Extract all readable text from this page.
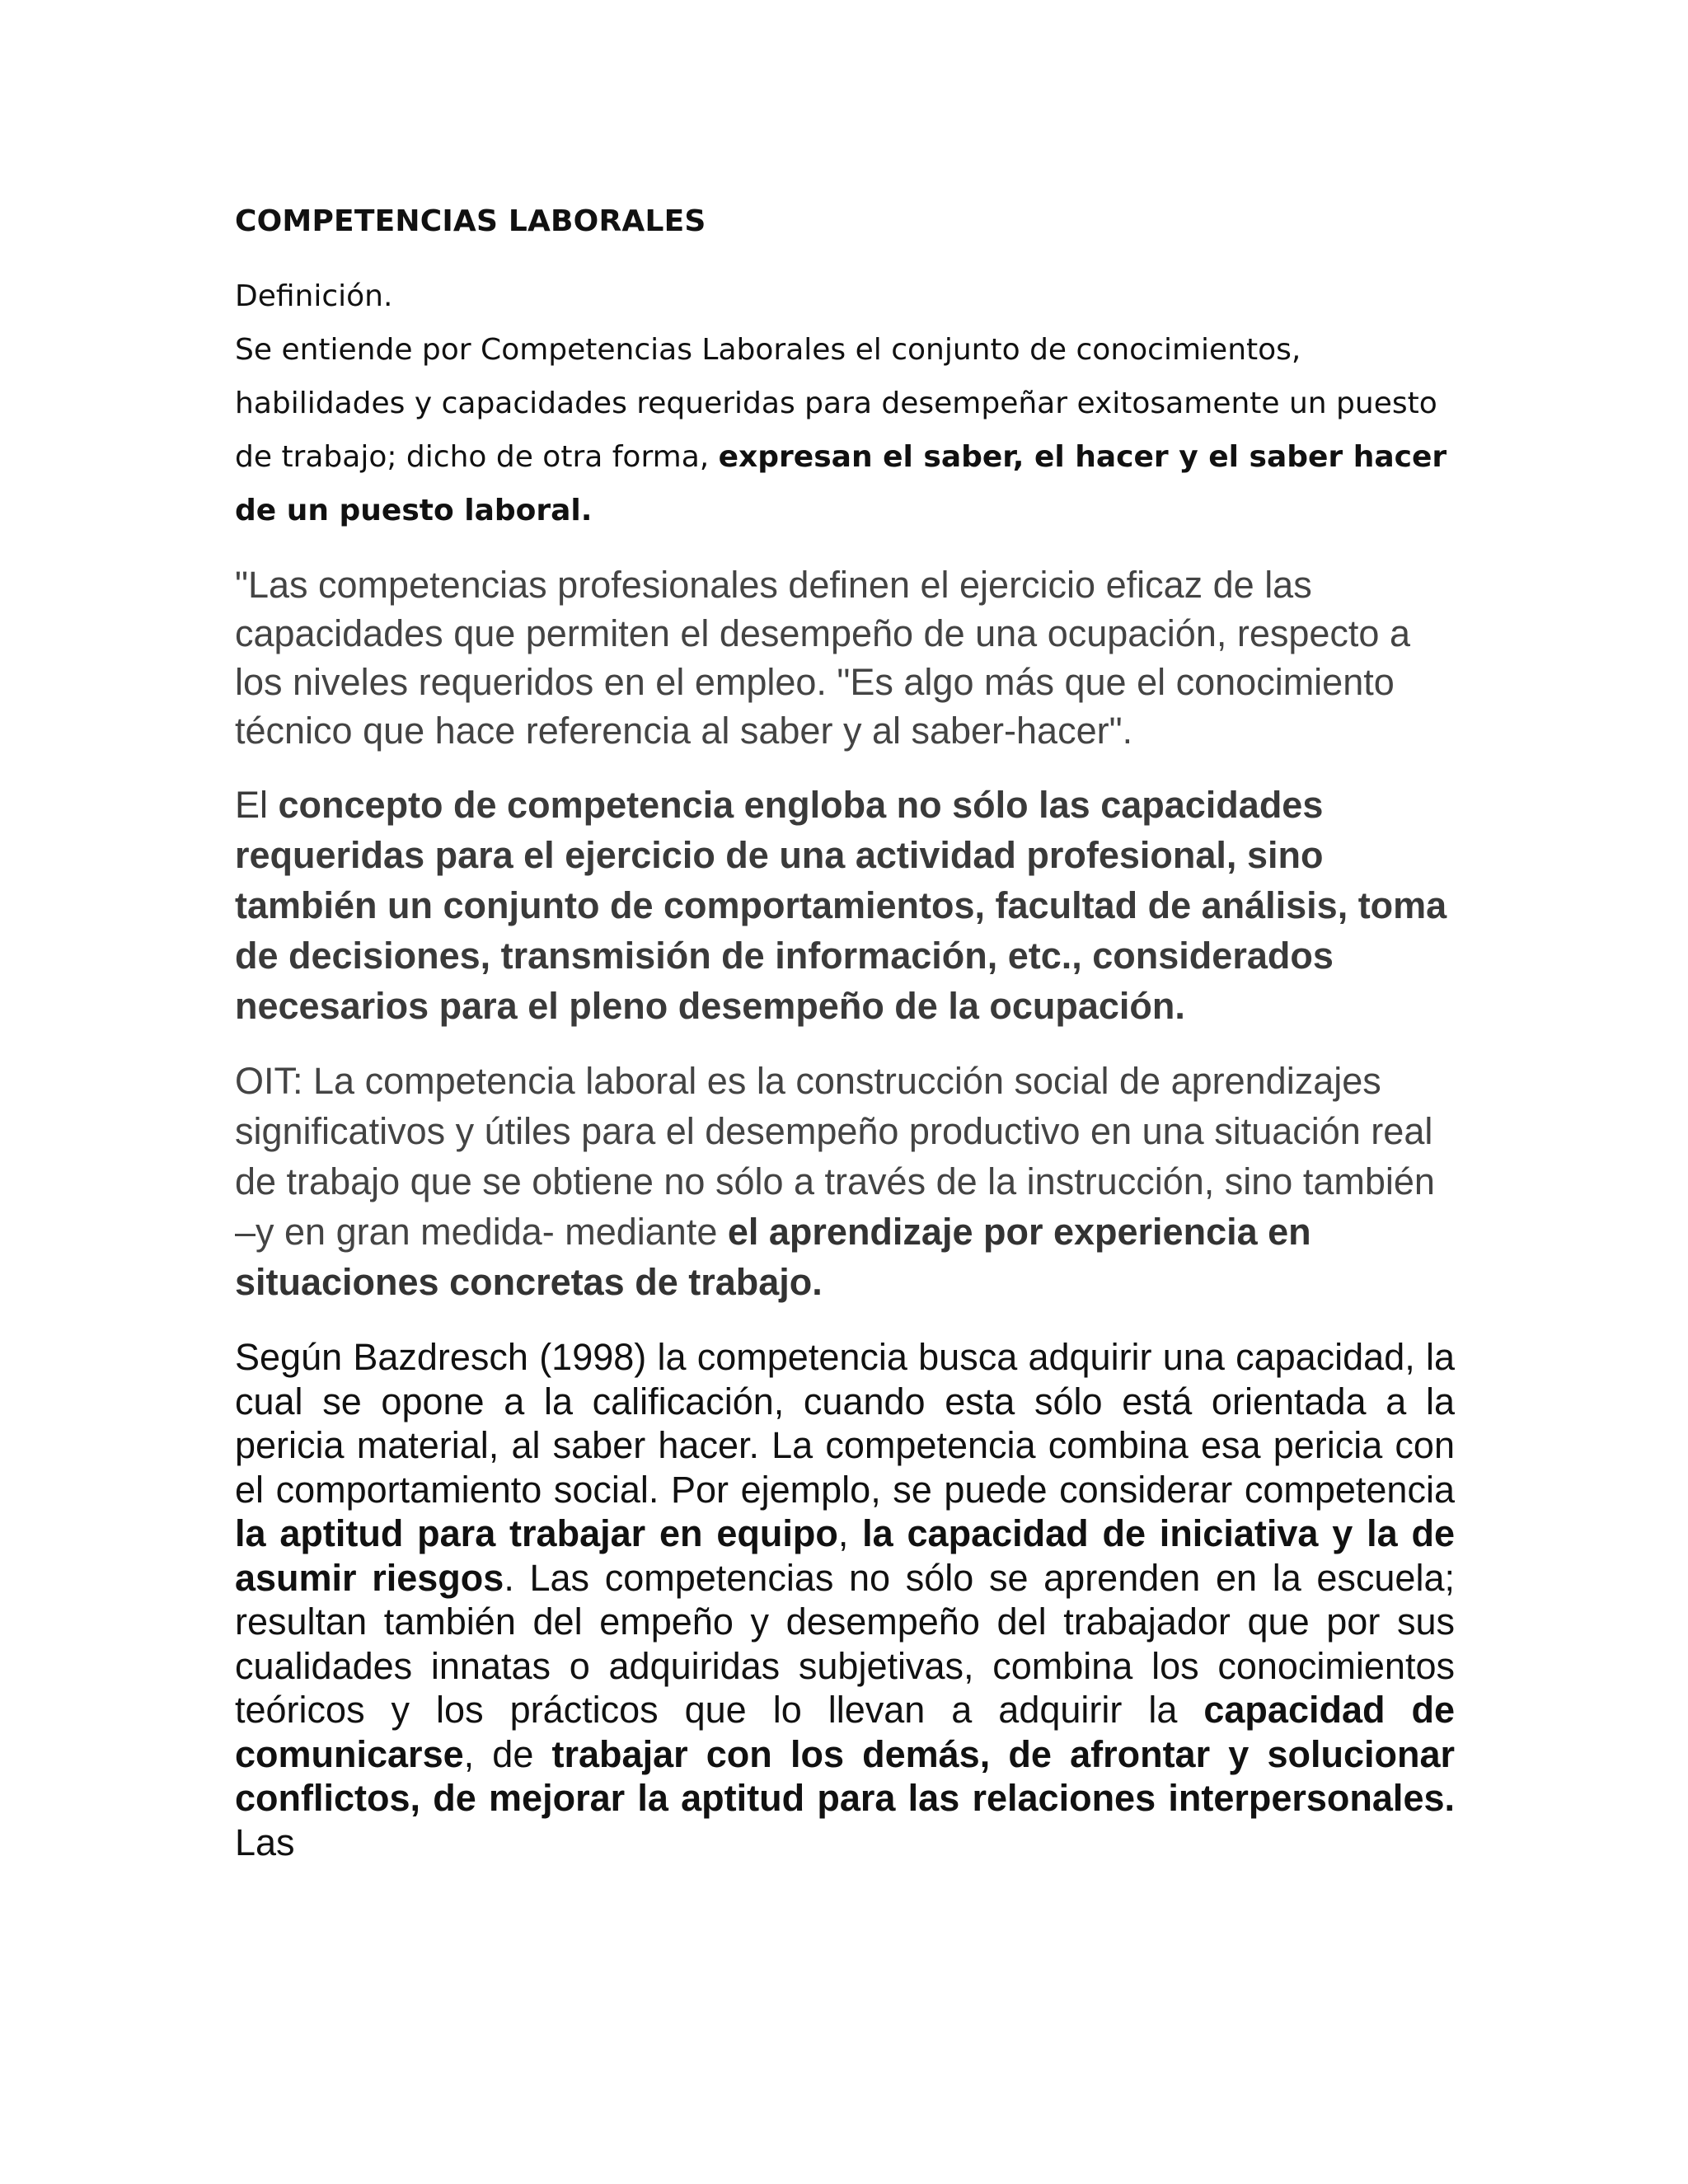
COMPETENCIAS LABORALES

Definición.

Se entiende por Competencias Laborales el conjunto de conocimientos, habilidades y capacidades requeridas para desempeñar exitosamente un puesto de trabajo; dicho de otra forma, expresan el saber, el hacer y el saber hacer de un puesto laboral.

"Las competencias profesionales definen el ejercicio eficaz de las capacidades que permiten el desempeño de una ocupación, respecto a los niveles requeridos en el empleo. "Es algo más que el conocimiento técnico que hace referencia al saber y al saber-hacer".

El concepto de competencia engloba no sólo las capacidades requeridas para el ejercicio de una actividad profesional, sino también un conjunto de comportamientos, facultad de análisis, toma de decisiones, transmisión de información, etc., considerados necesarios para el pleno desempeño de la ocupación.

OIT: La competencia laboral es la construcción social de aprendizajes significativos y útiles para el desempeño productivo en una situación real de trabajo que se obtiene no sólo a través de la instrucción, sino también –y en gran medida- mediante el aprendizaje por experiencia en situaciones concretas de trabajo.

Según Bazdresch (1998) la competencia busca adquirir una capacidad, la cual se opone a la calificación, cuando esta sólo está orientada a la pericia material, al saber hacer. La competencia combina esa pericia con el comportamiento social. Por ejemplo, se puede considerar competencia la aptitud para trabajar en equipo, la capacidad de iniciativa y la de asumir riesgos. Las competencias no sólo se aprenden en la escuela; resultan también del empeño y desempeño del trabajador que por sus cualidades innatas o adquiridas subjetivas, combina los conocimientos teóricos y los prácticos que lo llevan a adquirir la capacidad de comunicarse, de trabajar con los demás, de afrontar y solucionar conflictos, de mejorar la aptitud para las relaciones interpersonales. Las
